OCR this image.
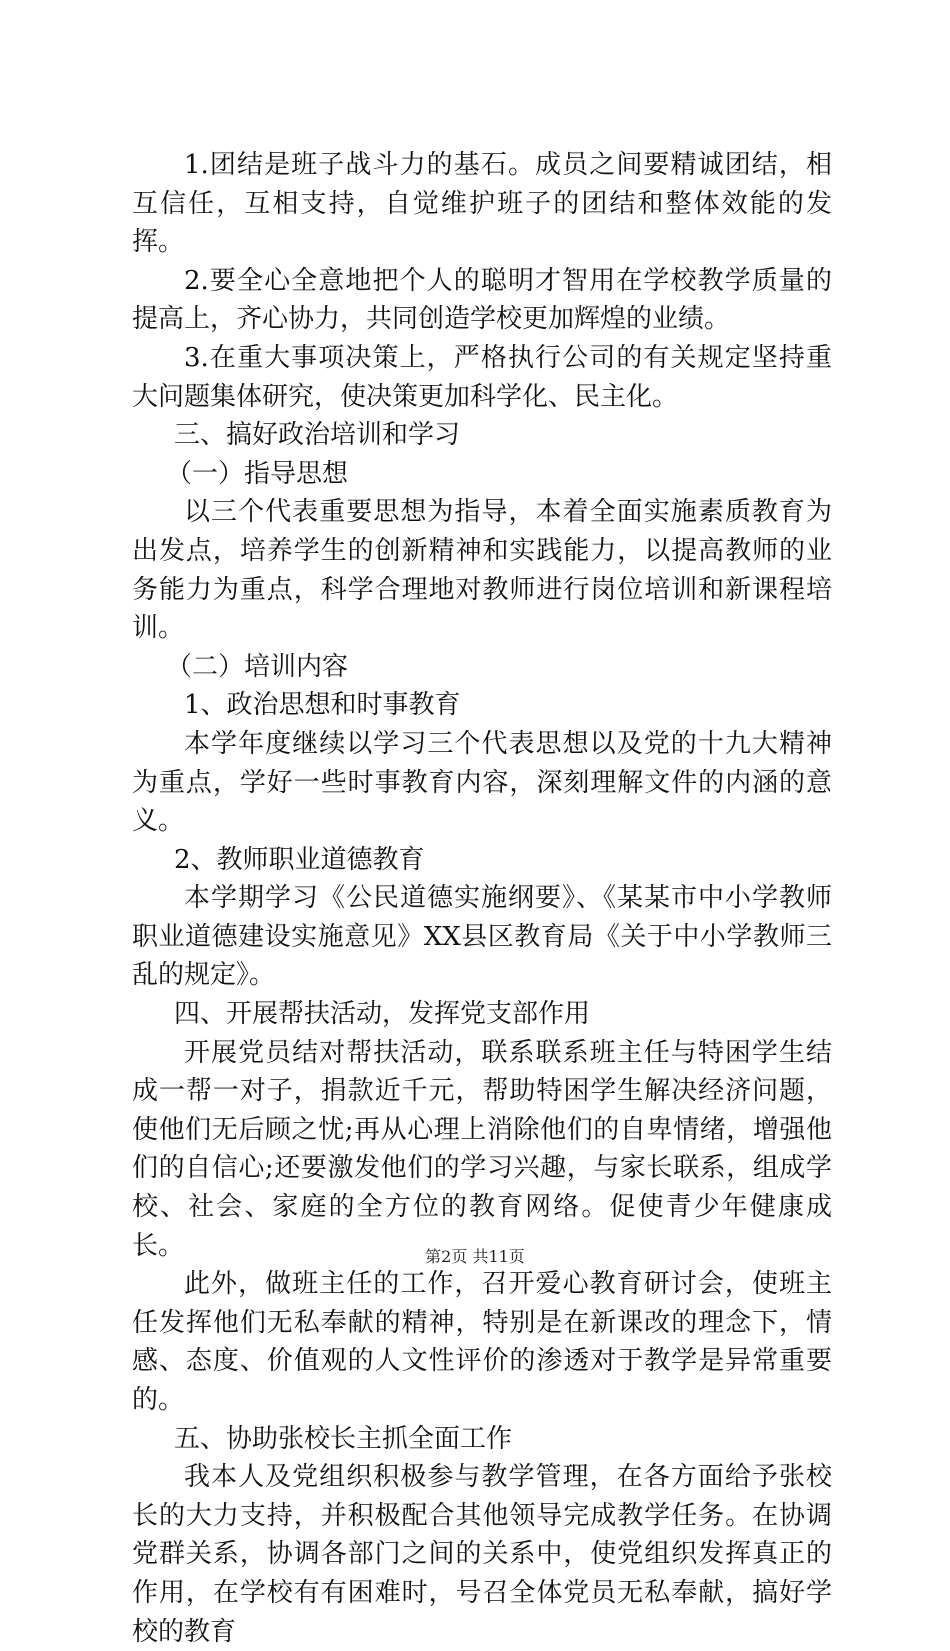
1.团结是班子战斗力的基石。成员之间要精诚团结，相互信任，互相支持，自觉维护班子的团结和整体效能的发挥。

2.要全心全意地把个人的聪明才智用在学校教学质量的提高上，齐心协力，共同创造学校更加辉煌的业绩。

3.在重大事项决策上，严格执行公司的有关规定坚持重大问题集体研究，使决策更加科学化、民主化。

三、搞好政治培训和学习

（一）指导思想

以三个代表重要思想为指导，本着全面实施素质教育为出发点，培养学生的创新精神和实践能力，以提高教师的业务能力为重点，科学合理地对教师进行岗位培训和新课程培训。

（二）培训内容

1、政治思想和时事教育

本学年度继续以学习三个代表思想以及党的十九大精神为重点，学好一些时事教育内容，深刻理解文件的内涵的意义。

2、教师职业道德教育

本学期学习《公民道德实施纲要》、《某某市中小学教师职业道德建设实施意见》XX县区教育局《关于中小学教师三乱的规定》。

四、开展帮扶活动，发挥党支部作用

开展党员结对帮扶活动，联系联系班主任与特困学生结成一帮一对子，捐款近千元，帮助特困学生解决经济问题，使他们无后顾之忧;再从心理上消除他们的自卑情绪，增强他们的自信心;还要激发他们的学习兴趣，与家长联系，组成学校、社会、家庭的全方位的教育网络。促使青少年健康成长。

此外，做班主任的工作，召开爱心教育研讨会，使班主任发挥他们无私奉献的精神，特别是在新课改的理念下，情感、态度、价值观的人文性评价的渗透对于教学是异常重要的。

五、协助张校长主抓全面工作

我本人及党组织积极参与教学管理，在各方面给予张校长的大力支持，并积极配合其他领导完成教学任务。在协调党群关系，协调各部门之间的关系中，使党组织发挥真正的作用，在学校有有困难时，号召全体党员无私奉献，搞好学校的教育

第2页 共11页
